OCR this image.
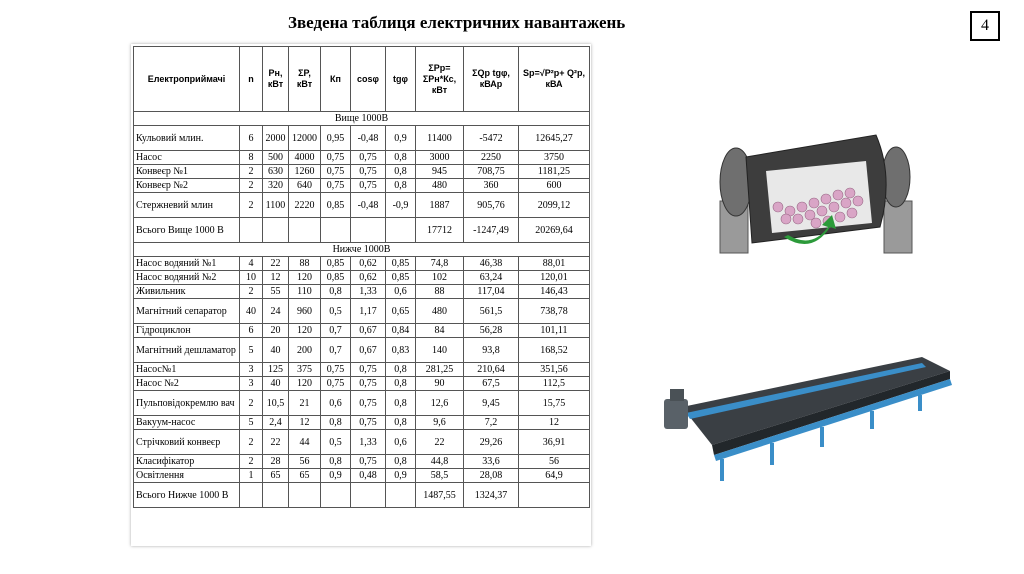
Зведена таблиця електричних навантажень	4
Електроприймачі	n	Рн, кВт	ΣР, кВт	Кп	cosφ	tgφ	ΣРр= ΣРн*Кс, кВт	ΣQр tgφ, кВАр	Sр=√P²р+ Q²р, кВА
Вище 1000В									
Кульовий млин.	6	2000	12000	0,95	-0,48	0,9	11400	-5472	12645,27
Насос	8	500	4000	0,75	0,75	0,8	3000	2250	3750
Конвеєр №1	2	630	1260	0,75	0,75	0,8	945	708,75	1181,25
Конвеєр №2	2	320	640	0,75	0,75	0,8	480	360	600
Стержневий млин	2	1100	2220	0,85	-0,48	-0,9	1887	905,76	2099,12
Всього Вище 1000 В							17712	-1247,49	20269,64
Нижче 1000В									
Насос водяний №1	4	22	88	0,85	0,62	0,85	74,8	46,38	88,01
Насос водяний №2	10	12	120	0,85	0,62	0,85	102	63,24	120,01
Живильник	2	55	110	0,8	1,33	0,6	88	117,04	146,43
Магнітний сепаратор	40	24	960	0,5	1,17	0,65	480	561,5	738,78
Гідроциклон	6	20	120	0,7	0,67	0,84	84	56,28	101,11
Магнітний дешламатор	5	40	200	0,7	0,67	0,83	140	93,8	168,52
Насос№1	3	125	375	0,75	0,75	0,8	281,25	210,64	351,56
Насос №2	3	40	120	0,75	0,75	0,8	90	67,5	112,5
Пульповідокремлю вач	2	10,5	21	0,6	0,75	0,8	12,6	9,45	15,75
Вакуум-насос	5	2,4	12	0,8	0,75	0,8	9,6	7,2	12
Стрічковий конвеєр	2	22	44	0,5	1,33	0,6	22	29,26	36,91
Класифікатор	2	28	56	0,8	0,75	0,8	44,8	33,6	56
Освітлення	1	65	65	0,9	0,48	0,9	58,5	28,08	64,9
Всього Нижче 1000 В							1487,55	1324,37	
